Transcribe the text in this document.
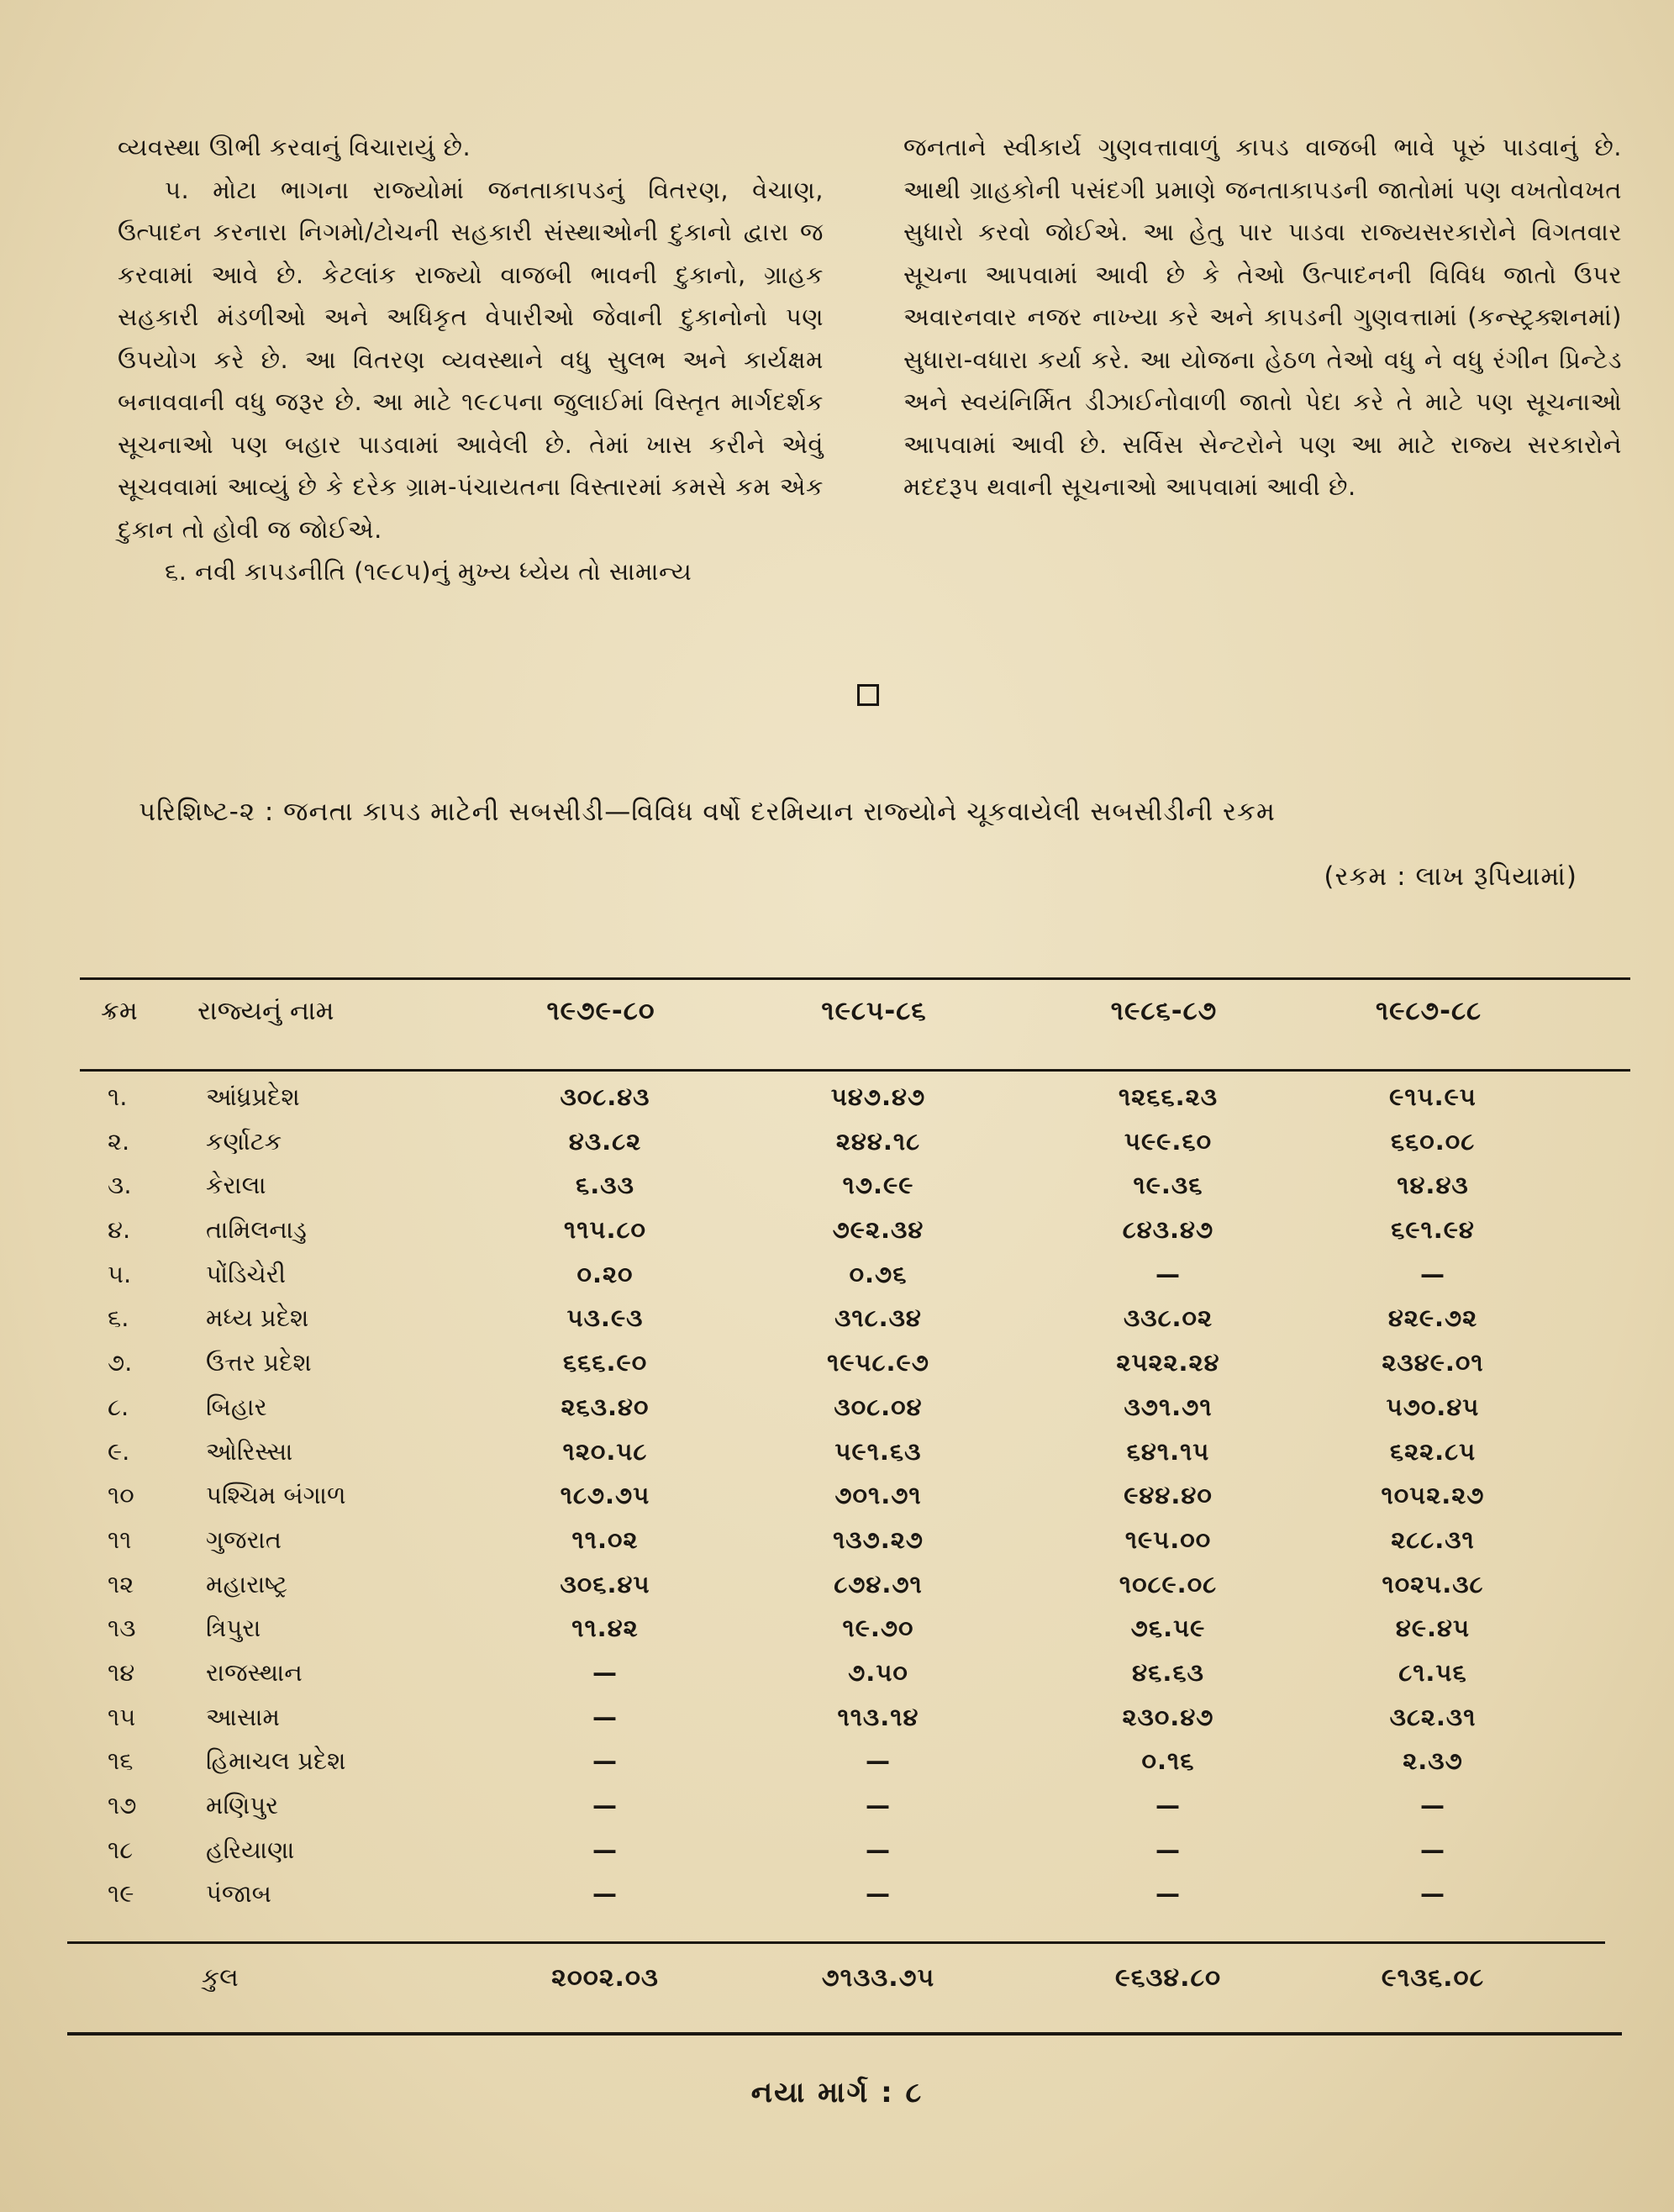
વ્યવસ્થા ઊભી કરવાનું વિચારાયું છે.

૫. મોટા ભાગના રાજ્યોમાં જનતાકાપડનું વિતરણ, વેચાણ, ઉત્પાદન કરનારા નિગમો/ટોચની સહકારી સંસ્થાઓની દુકાનો દ્વારા જ કરવામાં આવે છે. કેટલાંક રાજ્યો વાજબી ભાવની દુકાનો, ગ્રાહક સહકારી મંડળીઓ અને અધિકૃત વેપારીઓ જેવાની દુકાનોનો પણ ઉપયોગ કરે છે. આ વિતરણ વ્યવસ્થાને વધુ સુલભ અને કાર્યક્ષમ બનાવવાની વધુ જરૂર છે. આ માટે ૧૯૮૫ના જુલાઈમાં વિસ્તૃત માર્ગદર્શક સૂચનાઓ પણ બહાર પાડવામાં આવેલી છે. તેમાં ખાસ કરીને એવું સૂચવવામાં આવ્યું છે કે દરેક ગ્રામ-પંચાયતના વિસ્તારમાં કમસે કમ એક દુકાન તો હોવી જ જોઈએ.

૬. નવી કાપડનીતિ (૧૯૮૫)નું મુખ્ય ધ્યેય તો સામાન્ય

જનતાને સ્વીકાર્ય ગુણવત્તાવાળું કાપડ વાજબી ભાવે પૂરું પાડવાનું છે. આથી ગ્રાહકોની પસંદગી પ્રમાણે જનતાકાપડની જાતોમાં પણ વખતોવખત સુધારો કરવો જોઈએ. આ હેતુ પાર પાડવા રાજ્યસરકારોને વિગતવાર સૂચના આપવામાં આવી છે કે તેઓ ઉત્પાદનની વિવિધ જાતો ઉપર અવારનવાર નજર નાખ્યા કરે અને કાપડની ગુણવત્તામાં (કન્સ્ટ્રક્શનમાં) સુધારા-વધારા કર્યા કરે. આ યોજના હેઠળ તેઓ વધુ ને વધુ રંગીન પ્રિન્ટેડ અને સ્વયંનિર્મિત ડીઝાઈનોવાળી જાતો પેદા કરે તે માટે પણ સૂચનાઓ આપવામાં આવી છે. સર્વિસ સેન્ટરોને પણ આ માટે રાજ્ય સરકારોને મદદરૂપ થવાની સૂચનાઓ આપવામાં આવી છે.

પરિશિષ્ટ-૨ : જનતા કાપડ માટેની સબસીડી—વિવિધ વર્ષો દરમિયાન રાજ્યોને ચૂકવાયેલી સબસીડીની રકમ
(રકમ : લાખ રૂપિયામાં)
ક્રમ રાજ્યનું નામ	૧૯૭૯-૮૦	૧૯૮૫-૮૬	૧૯૮૬-૮૭	૧૯૮૭-૮૮
૧.	આંધ્રપ્રદેશ	૩૦૮.૪૩	૫૪૭.૪૭	૧૨૬૬.૨૩	૯૧૫.૯૫
૨.	કર્ણાટક	૪૩.૮૨	૨૪૪.૧૮	૫૯૯.૬૦	૬૬૦.૦૮
૩.	કેરાલા	૬.૩૩	૧૭.૯૯	૧૯.૩૬	૧૪.૪૩
૪.	તામિલનાડુ	૧૧૫.૮૦	૭૯૨.૩૪	૮૪૩.૪૭	૬૯૧.૯૪
૫.	પોંડિચેરી	૦.૨૦	૦.૭૬	—	—
૬.	મધ્ય પ્રદેશ	૫૩.૯૩	૩૧૮.૩૪	૩૩૮.૦૨	૪૨૯.૭૨
૭.	ઉત્તર પ્રદેશ	૬૬૬.૯૦	૧૯૫૮.૯૭	૨૫૨૨.૨૪	૨૩૪૯.૦૧
૮.	બિહાર	૨૬૩.૪૦	૩૦૮.૦૪	૩૭૧.૭૧	૫૭૦.૪૫
૯.	ઓરિસ્સા	૧૨૦.૫૮	૫૯૧.૬૩	૬૪૧.૧૫	૬૨૨.૮૫
૧૦	પશ્ચિમ બંગાળ	૧૮૭.૭૫	૭૦૧.૭૧	૯૪૪.૪૦	૧૦૫૨.૨૭
૧૧	ગુજરાત	૧૧.૦૨	૧૩૭.૨૭	૧૯૫.૦૦	૨૮૮.૩૧
૧૨	મહારાષ્ટ્ર	૩૦૬.૪૫	૮૭૪.૭૧	૧૦૮૯.૦૮	૧૦૨૫.૩૮
૧૩	ત્રિપુરા	૧૧.૪૨	૧૯.૭૦	૭૬.૫૯	૪૯.૪૫
૧૪	રાજસ્થાન	—	૭.૫૦	૪૬.૬૩	૮૧.૫૬
૧૫	આસામ	—	૧૧૩.૧૪	૨૩૦.૪૭	૩૮૨.૩૧
૧૬	હિમાચલ પ્રદેશ	—	—	૦.૧૬	૨.૩૭
૧૭	મણિપુર	—	—	—	—
૧૮	હરિયાણા	—	—	—	—
૧૯	પંજાબ	—	—	—	—
કુલ	૨૦૦૨.૦૩	૭૧૩૩.૭૫	૯૬૩૪.૮૦	૯૧૩૬.૦૮
નયા માર્ગ : ૮
